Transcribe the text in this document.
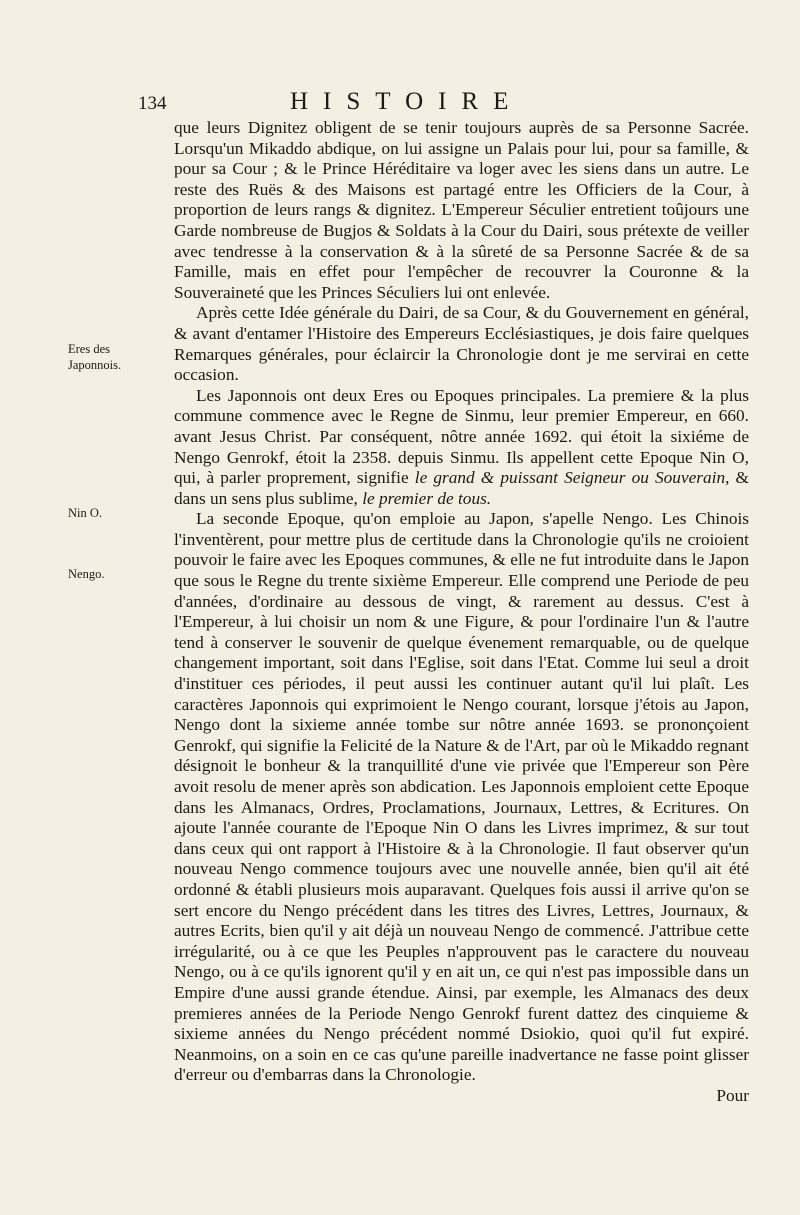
134	HISTOIRE
Eres des
Japonnois.
Nin O.
Nengo.

que leurs Dignitez obligent de se tenir toujours auprès de sa Personne Sacrée. Lorsqu'un Mikaddo abdique, on lui assigne un Palais pour lui, pour sa famille, & pour sa Cour ; & le Prince Héréditaire va loger avec les siens dans un autre. Le reste des Ruës & des Maisons est partagé entre les Officiers de la Cour, à proportion de leurs rangs & dignitez. L'Empereur Séculier entretient toûjours une Garde nombreuse de Bugjos & Soldats à la Cour du Dairi, sous prétexte de veiller avec tendresse à la conservation & à la sûreté de sa Personne Sacrée & de sa Famille, mais en effet pour l'empêcher de recouvrer la Couronne & la Souveraineté que les Princes Séculiers lui ont enlevée.

Après cette Idée générale du Dairi, de sa Cour, & du Gouvernement en général, & avant d'entamer l'Histoire des Empereurs Ecclésiastiques, je dois faire quelques Remarques générales, pour éclaircir la Chronologie dont je me servirai en cette occasion.

Les Japonnois ont deux Eres ou Epoques principales. La premiere & la plus commune commence avec le Regne de Sinmu, leur premier Empereur, en 660. avant Jesus Christ. Par conséquent, nôtre année 1692. qui étoit la sixiéme de Nengo Genrokf, étoit la 2358. depuis Sinmu. Ils appellent cette Epoque Nin O, qui, à parler proprement, signifie le grand & puissant Seigneur ou Souverain, & dans un sens plus sublime, le premier de tous.

La seconde Epoque, qu'on emploie au Japon, s'apelle Nengo. Les Chinois l'inventèrent, pour mettre plus de certitude dans la Chronologie qu'ils ne croioient pouvoir le faire avec les Epoques communes, & elle ne fut introduite dans le Japon que sous le Regne du trente sixième Empereur. Elle comprend une Periode de peu d'années, d'ordinaire au dessous de vingt, & rarement au dessus. C'est à l'Empereur, à lui choisir un nom & une Figure, & pour l'ordinaire l'un & l'autre tend à conserver le souvenir de quelque évenement remarquable, ou de quelque changement important, soit dans l'Eglise, soit dans l'Etat. Comme lui seul a droit d'instituer ces périodes, il peut aussi les continuer autant qu'il lui plaît. Les caractères Japonnois qui exprimoient le Nengo courant, lorsque j'étois au Japon, Nengo dont la sixieme année tombe sur nôtre année 1693. se prononçoient Genrokf, qui signifie la Felicité de la Nature & de l'Art, par où le Mikaddo regnant désignoit le bonheur & la tranquillité d'une vie privée que l'Empereur son Père avoit resolu de mener après son abdication. Les Japonnois emploient cette Epoque dans les Almanacs, Ordres, Proclamations, Journaux, Lettres, & Ecritures. On ajoute l'année courante de l'Epoque Nin O dans les Livres imprimez, & sur tout dans ceux qui ont rapport à l'Histoire & à la Chronologie. Il faut observer qu'un nouveau Nengo commence toujours avec une nouvelle année, bien qu'il ait été ordonné & établi plusieurs mois auparavant. Quelques fois aussi il arrive qu'on se sert encore du Nengo précédent dans les titres des Livres, Lettres, Journaux, & autres Ecrits, bien qu'il y ait déjà un nouveau Nengo de commencé. J'attribue cette irrégularité, ou à ce que les Peuples n'approuvent pas le caractere du nouveau Nengo, ou à ce qu'ils ignorent qu'il y en ait un, ce qui n'est pas impossible dans un Empire d'une aussi grande étendue. Ainsi, par exemple, les Almanacs des deux premieres années de la Periode Nengo Genrokf furent dattez des cinquieme & sixieme années du Nengo précédent nommé Dsiokio, quoi qu'il fut expiré. Neanmoins, on a soin en ce cas qu'une pareille inadvertance ne fasse point glisser d'erreur ou d'embarras dans la Chronologie.

Pour
